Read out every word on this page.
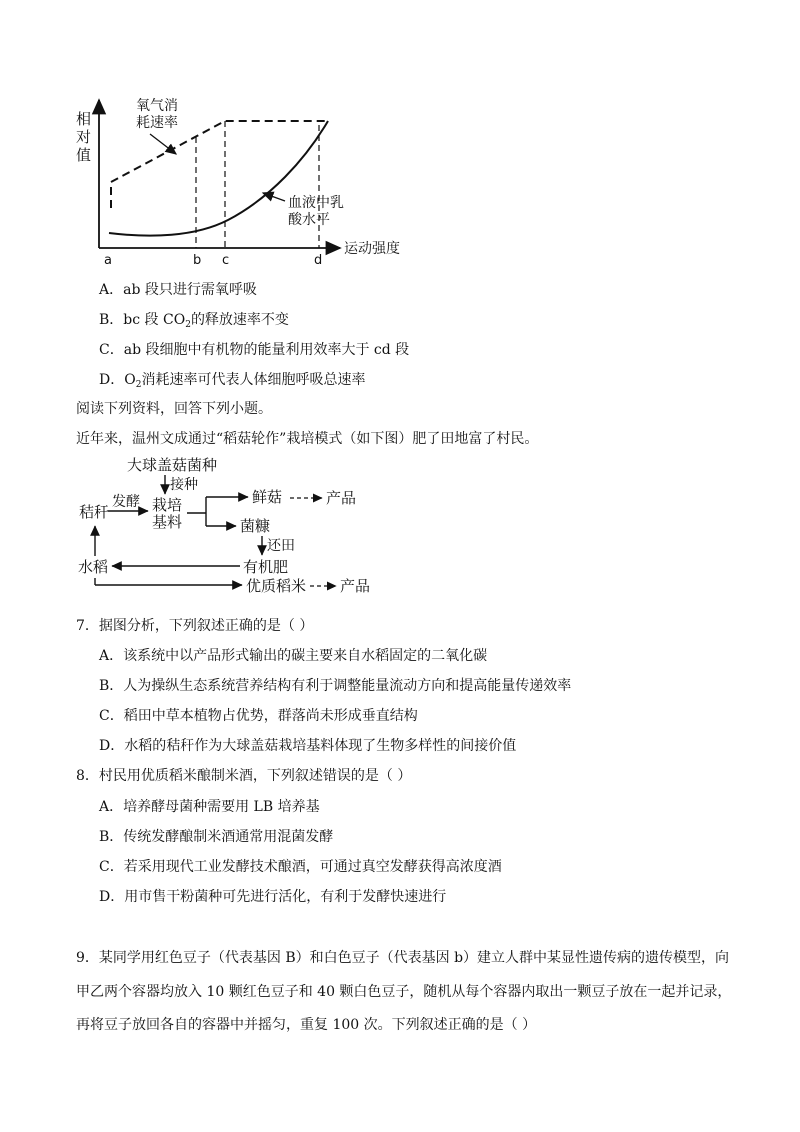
相
对
值
运动强度
a	b c	d
氧气消
耗速率
血液中乳
酸水平
A．ab 段只进行需氧呼吸
B．bc 段 $CO_2$的释放速率不变
C．ab 段细胞中有机物的能量利用效率大于 cd 段
D．$O_2$消耗速率可代表人体细胞呼吸总速率
阅读下列资料，回答下列小题。
近年来，温州文成通过“稻菇轮作”栽培模式（如下图）肥了田地富了村民。
大球盖菇菌种
接种
秸秆
发酵 栽培
基料
鲜菇	产品
菌糠
还田
有机肥
水稻
优质稻米 产品
7．据图分析，下列叙述正确的是（ ）
A．该系统中以产品形式输出的碳主要来自水稻固定的二氧化碳
B．人为操纵生态系统营养结构有利于调整能量流动方向和提高能量传递效率
C．稻田中草本植物占优势，群落尚未形成垂直结构
D．水稻的秸秆作为大球盖菇栽培基料体现了生物多样性的间接价值
8．村民用优质稻米酿制米酒，下列叙述错误的是（ ）
A．培养酵母菌种需要用 LB 培养基
B．传统发酵酿制米酒通常用混菌发酵
C．若采用现代工业发酵技术酿酒，可通过真空发酵获得高浓度酒
D．用市售干粉菌种可先进行活化，有利于发酵快速进行
9．某同学用红色豆子（代表基因 B）和白色豆子（代表基因 b）建立人群中某显性遗传病的遗传模型，向
甲乙两个容器均放入 10 颗红色豆子和 40 颗白色豆子，随机从每个容器内取出一颗豆子放在一起并记录，
再将豆子放回各自的容器中并摇匀，重复 100 次。下列叙述正确的是（ ）
